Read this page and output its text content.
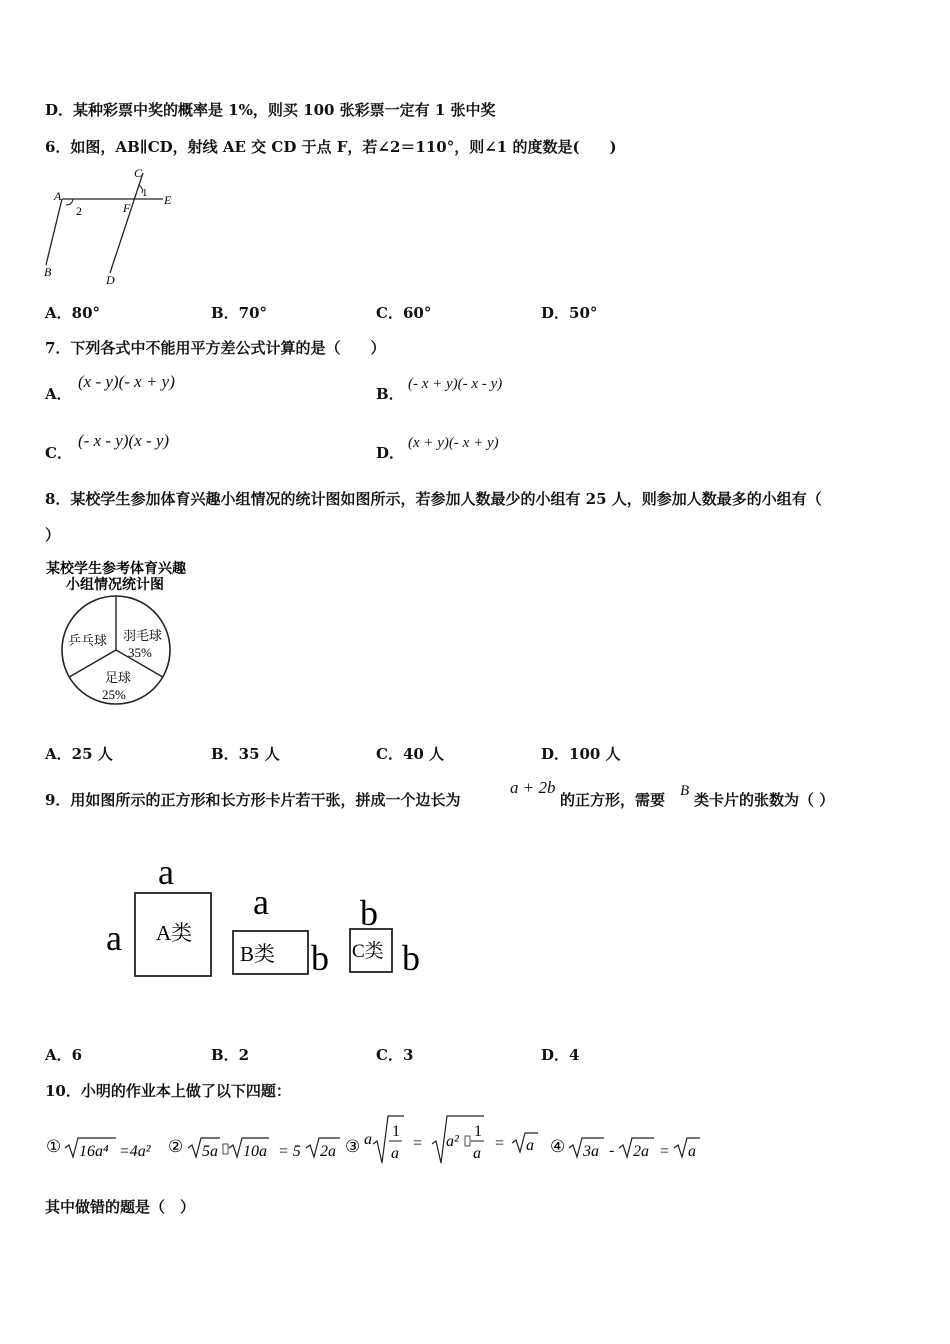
D．某种彩票中奖的概率是 1%，则买 100 张彩票一定有 1 张中奖
6．如图，AB∥CD，射线 AE 交 CD 于点 F，若∠2＝110°，则∠1 的度数是(　　)
A
2
C
1
F
E
B
D
A．80°	B．70°	C．60°	D．50°
7．下列各式中不能用平方差公式计算的是（　　）
A．
(x - y)(- x + y)
B．
(- x + y)(- x - y)
C．
(- x - y)(x - y)
D．
(x + y)(- x + y)
8．某校学生参加体育兴趣小组情况的统计图如图所示，若参加人数最少的小组有 25 人，则参加人数最多的小组有（
）
某校学生参考体育兴趣
小组情况统计图
乒乓球 羽毛球
35%
足球
25%
A．25 人	B．35 人	C．40 人	D．100 人
9．用如图所示的正方形和长方形卡片若干张，拼成一个边长为
a + 2b
的正方形，需要 B 类卡片的张数为（ ）
a
a A类
a
B类 b
b
C类 b
A．6	B．2	C．3	D．4
10．小明的作业本上做了以下四题：
① 16a⁴ =4a² ② 5a 10a = 5 2a ③ a 1
a
= a²
1
a
= a ④ 3a - 2a = a
其中做错的题是（　）
